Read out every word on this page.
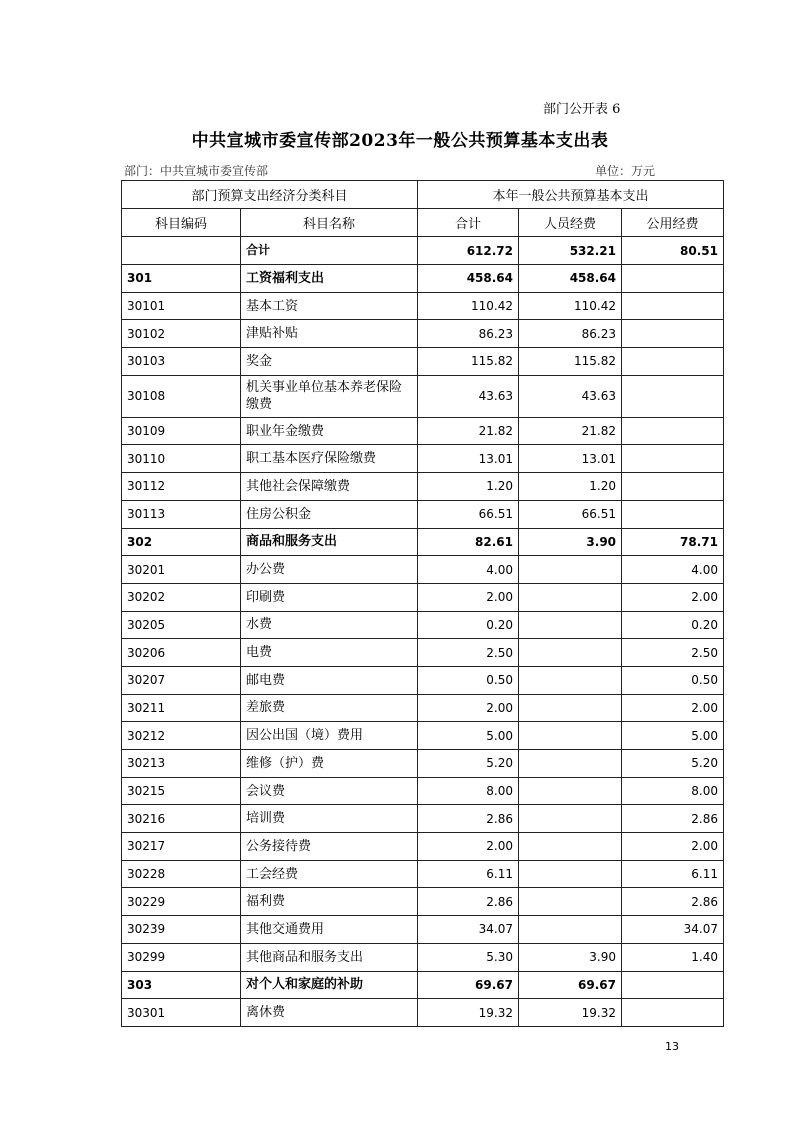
部门公开表 6
中共宣城市委宣传部2023年一般公共预算基本支出表
部门：中共宣城市委宣传部	单位：万元
部门预算支出经济分类科目		本年一般公共预算基本支出		
科目编码	科目名称	合计	人员经费	公用经费
	合计	612.72	532.21	80.51
301	工资福利支出	458.64	458.64	
30101	基本工资	110.42	110.42	
30102	津贴补贴	86.23	86.23	
30103	奖金	115.82	115.82	
30108	机关事业单位基本养老保险缴费	43.63	43.63	
30109	职业年金缴费	21.82	21.82	
30110	职工基本医疗保险缴费	13.01	13.01	
30112	其他社会保障缴费	1.20	1.20	
30113	住房公积金	66.51	66.51	
302	商品和服务支出	82.61	3.90	78.71
30201	办公费	4.00		4.00
30202	印刷费	2.00		2.00
30205	水费	0.20		0.20
30206	电费	2.50		2.50
30207	邮电费	0.50		0.50
30211	差旅费	2.00		2.00
30212	因公出国（境）费用	5.00		5.00
30213	维修（护）费	5.20		5.20
30215	会议费	8.00		8.00
30216	培训费	2.86		2.86
30217	公务接待费	2.00		2.00
30228	工会经费	6.11		6.11
30229	福利费	2.86		2.86
30239	其他交通费用	34.07		34.07
30299	其他商品和服务支出	5.30	3.90	1.40
303	对个人和家庭的补助	69.67	69.67	
30301	离休费	19.32	19.32	
13
